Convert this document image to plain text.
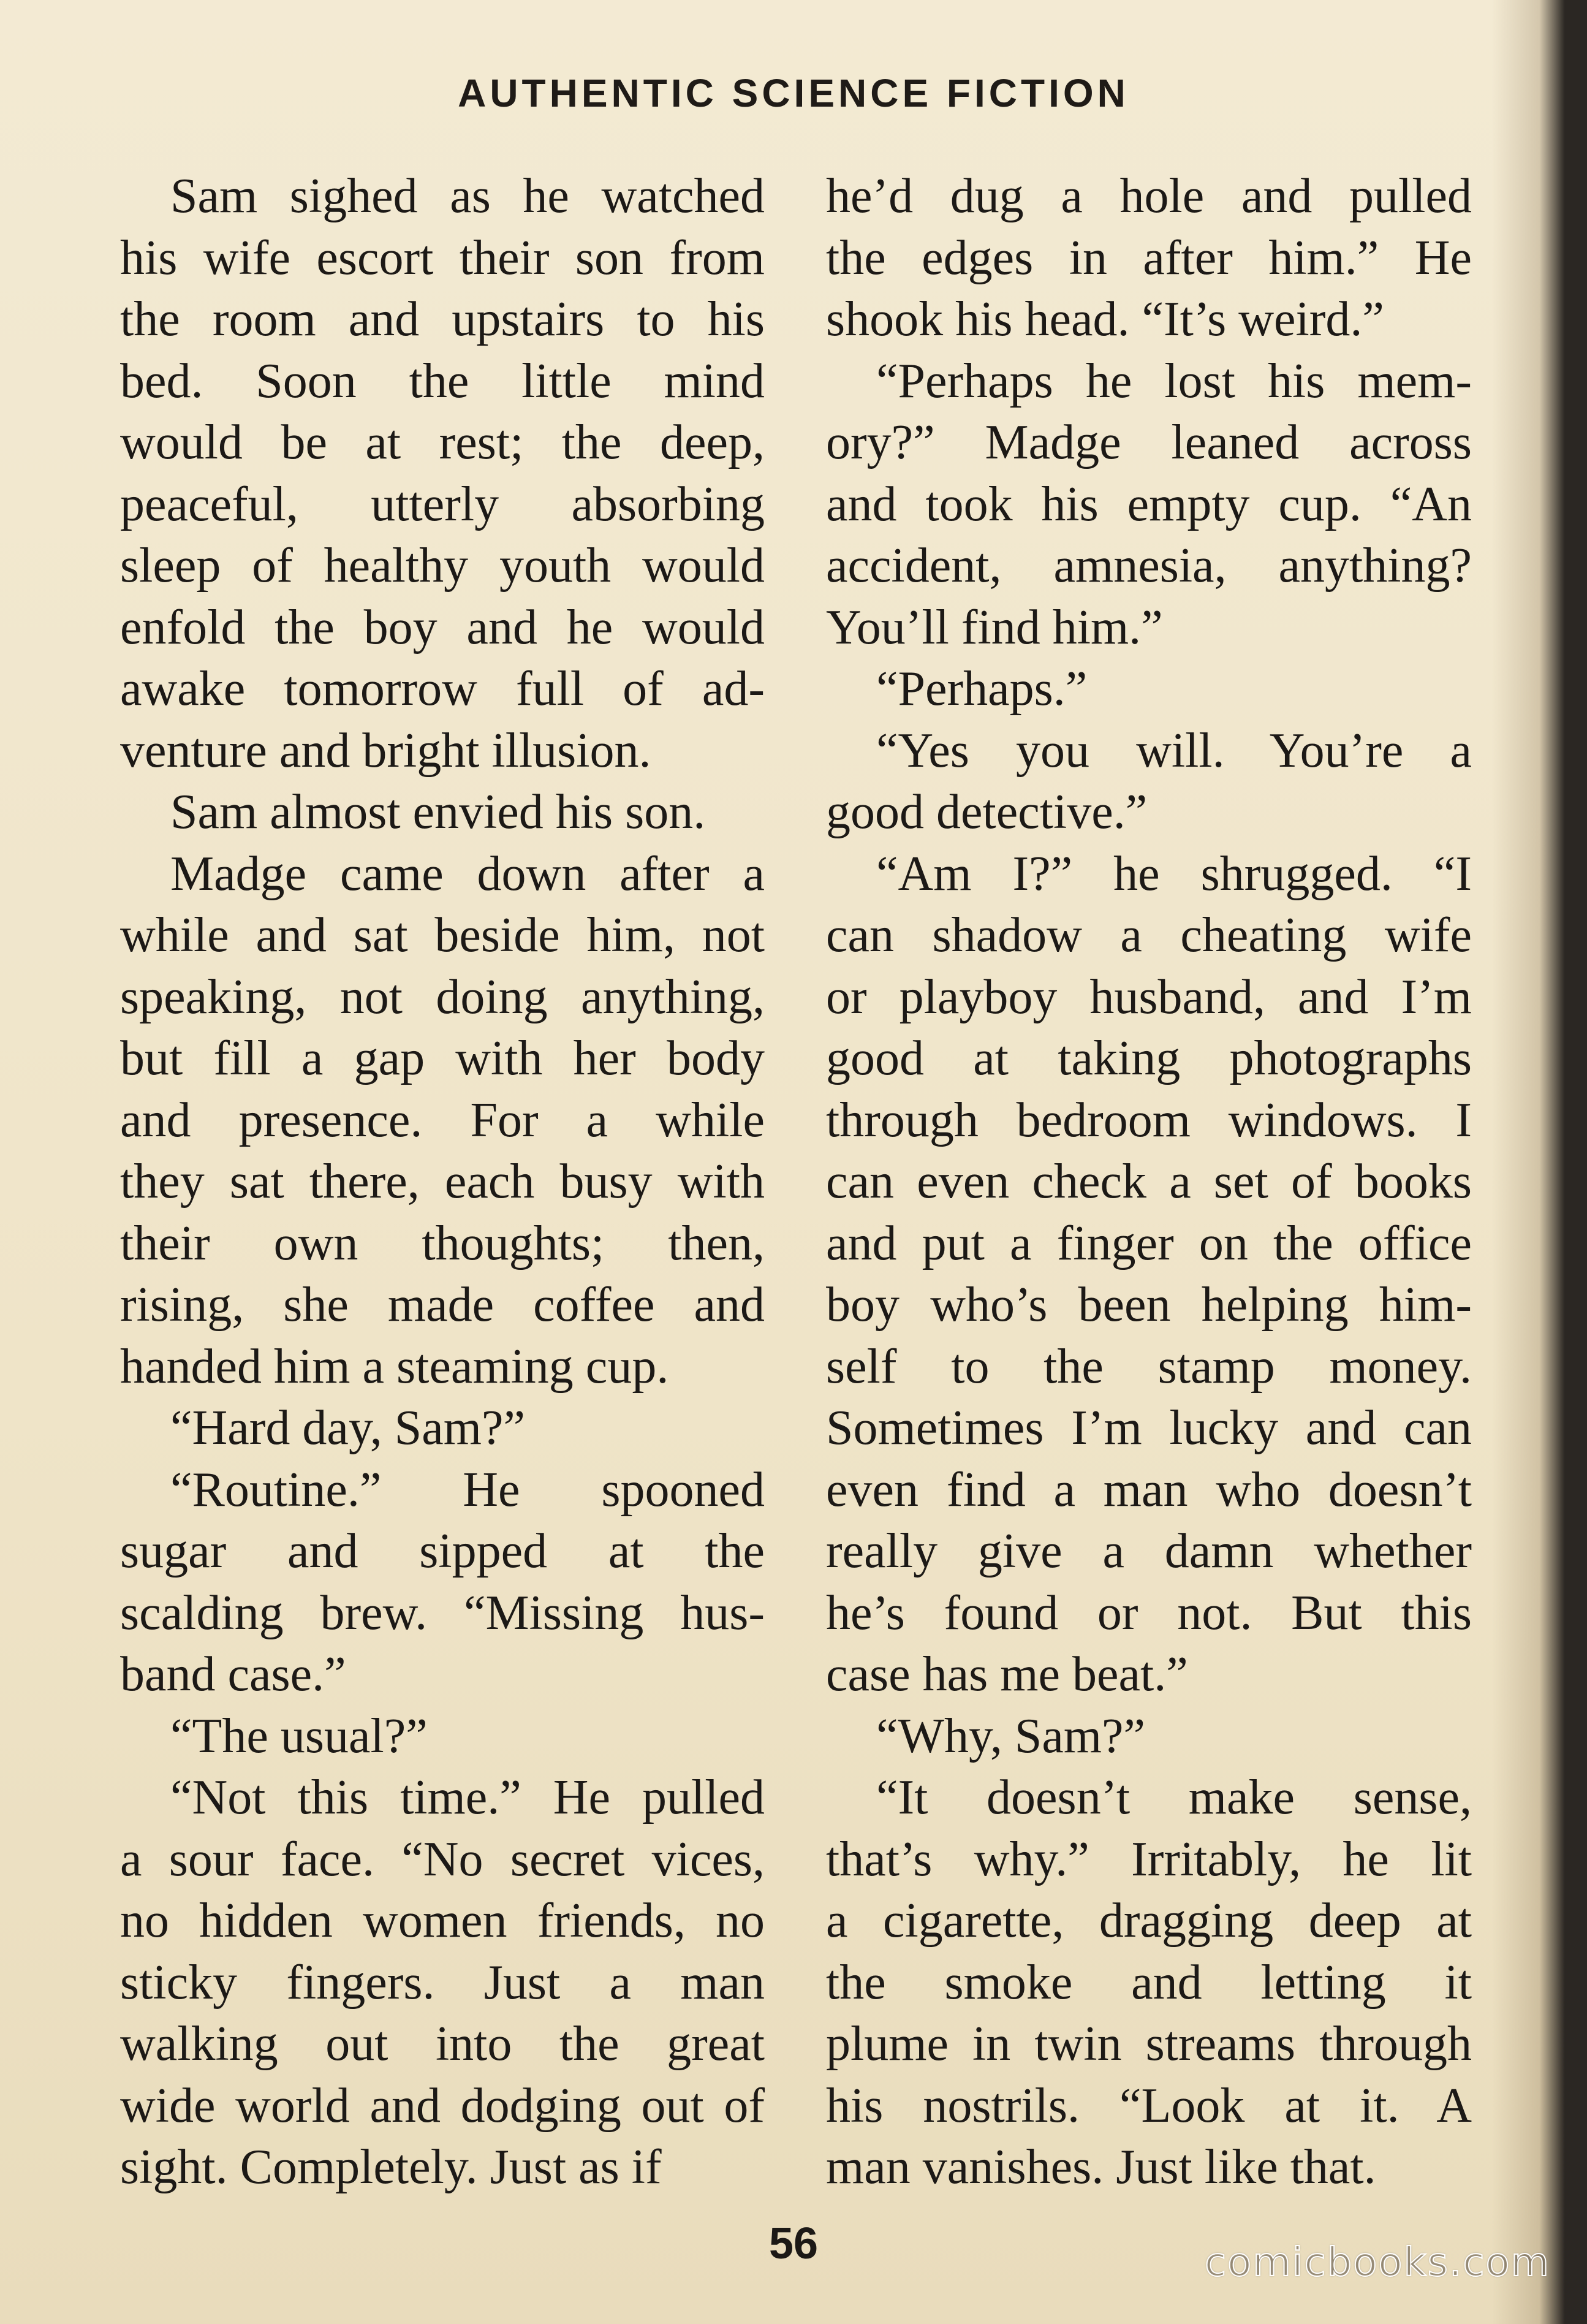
AUTHENTIC SCIENCE FICTION
Sam sighed as he watched
his wife escort their son from
the room and upstairs to his
bed. Soon the little mind
would be at rest; the deep,
peaceful, utterly absorbing
sleep of healthy youth would
enfold the boy and he would
awake tomorrow full of ad-
venture and bright illusion.
Sam almost envied his son.
Madge came down after a
while and sat beside him, not
speaking, not doing anything,
but fill a gap with her body
and presence. For a while
they sat there, each busy with
their own thoughts; then,
rising, she made coffee and
handed him a steaming cup.
“Hard day, Sam?”
“Routine.” He spooned
sugar and sipped at the
scalding brew. “Missing hus-
band case.”
“The usual?”
“Not this time.” He pulled
a sour face. “No secret vices,
no hidden women friends, no
sticky fingers. Just a man
walking out into the great
wide world and dodging out of
sight. Completely. Just as if
he’d dug a hole and pulled
the edges in after him.” He
shook his head. “It’s weird.”
“Perhaps he lost his mem-
ory?” Madge leaned across
and took his empty cup. “An
accident, amnesia, anything?
You’ll find him.”
“Perhaps.”
“Yes you will. You’re a
good detective.”
“Am I?” he shrugged. “I
can shadow a cheating wife
or playboy husband, and I’m
good at taking photographs
through bedroom windows. I
can even check a set of books
and put a finger on the office
boy who’s been helping him-
self to the stamp money.
Sometimes I’m lucky and can
even find a man who doesn’t
really give a damn whether
he’s found or not. But this
case has me beat.”
“Why, Sam?”
“It doesn’t make sense,
that’s why.” Irritably, he lit
a cigarette, dragging deep at
the smoke and letting it
plume in twin streams through
his nostrils. “Look at it. A
man vanishes. Just like that.
56	comicbooks.com
